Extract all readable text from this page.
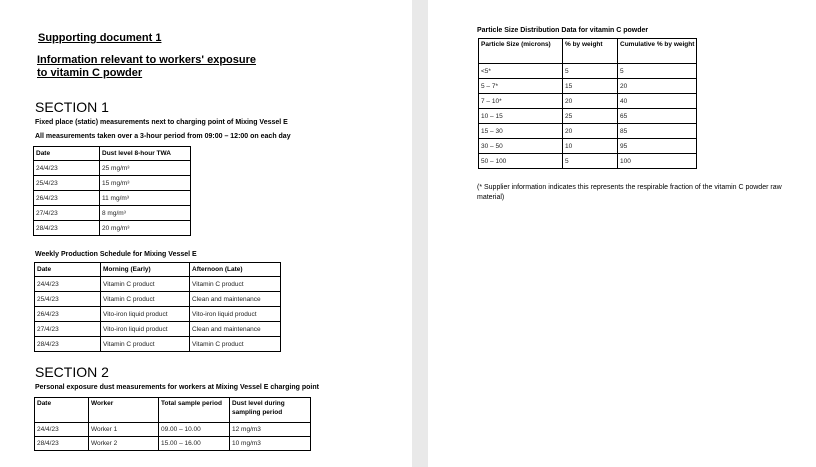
Supporting document 1
Information relevant to workers' exposure
to vitamin C powder
SECTION 1
Fixed place (static) measurements next to charging point of Mixing Vessel E
All measurements taken over a 3-hour period from 09:00 – 12:00 on each day
Date	Dust level 8-hour TWA
24/4/23	25 mg/m³
25/4/23	15 mg/m³
26/4/23	11 mg/m³
27/4/23	8 mg/m³
28/4/23	20 mg/m³
Weekly Production Schedule for Mixing Vessel E
Date	Morning (Early)	Afternoon (Late)
24/4/23	Vitamin C product	Vitamin C product
25/4/23	Vitamin C product	Clean and maintenance
26/4/23	Vito-iron liquid product	Vito-iron liquid product
27/4/23	Vito-iron liquid product	Clean and maintenance
28/4/23	Vitamin C product	Vitamin C product
SECTION 2
Personal exposure dust measurements for workers at Mixing Vessel E charging point
Date	Worker	Total sample period	Dust level during sampling period
24/4/23	Worker 1	09.00 – 10.00	12 mg/m3
28/4/23	Worker 2	15.00 – 16.00	10 mg/m3
Particle Size Distribution Data for vitamin C powder
Particle Size (microns)	% by weight	Cumulative % by weight
<5*	5	5
5 – 7*	15	20
7 – 10*	20	40
10 – 15	25	65
15 – 30	20	85
30 – 50	10	95
50 – 100	5	100
(* Supplier information indicates this represents the respirable fraction of the vitamin C powder raw material)
